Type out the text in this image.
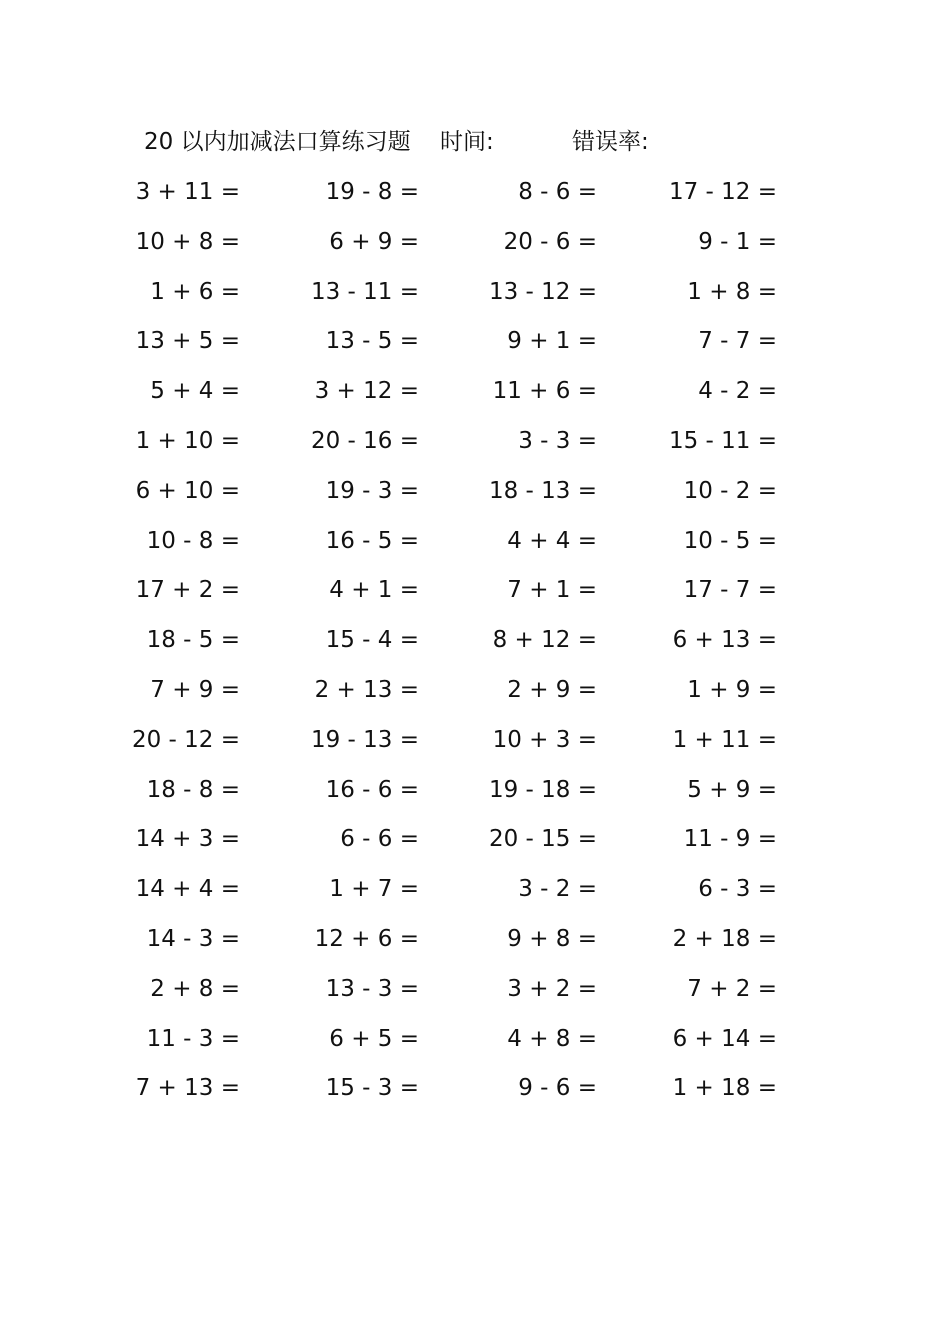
20 以内加减法口算练习题 时间:	错误率:
3 + 11 =	19 - 8 =	8 - 6 =	17 - 12 =
10 + 8 =	6 + 9 =	20 - 6 =	9 - 1 =
1 + 6 =	13 - 11 =	13 - 12 =	1 + 8 =
13 + 5 =	13 - 5 =	9 + 1 =	7 - 7 =
5 + 4 =	3 + 12 =	11 + 6 =	4 - 2 =
1 + 10 =	20 - 16 =	3 - 3 =	15 - 11 =
6 + 10 =	19 - 3 =	18 - 13 =	10 - 2 =
10 - 8 =	16 - 5 =	4 + 4 =	10 - 5 =
17 + 2 =	4 + 1 =	7 + 1 =	17 - 7 =
18 - 5 =	15 - 4 =	8 + 12 =	6 + 13 =
7 + 9 =	2 + 13 =	2 + 9 =	1 + 9 =
20 - 12 =	19 - 13 =	10 + 3 =	1 + 11 =
18 - 8 =	16 - 6 =	19 - 18 =	5 + 9 =
14 + 3 =	6 - 6 =	20 - 15 =	11 - 9 =
14 + 4 =	1 + 7 =	3 - 2 =	6 - 3 =
14 - 3 =	12 + 6 =	9 + 8 =	2 + 18 =
2 + 8 =	13 - 3 =	3 + 2 =	7 + 2 =
11 - 3 =	6 + 5 =	4 + 8 =	6 + 14 =
7 + 13 =	15 - 3 =	9 - 6 =	1 + 18 =
